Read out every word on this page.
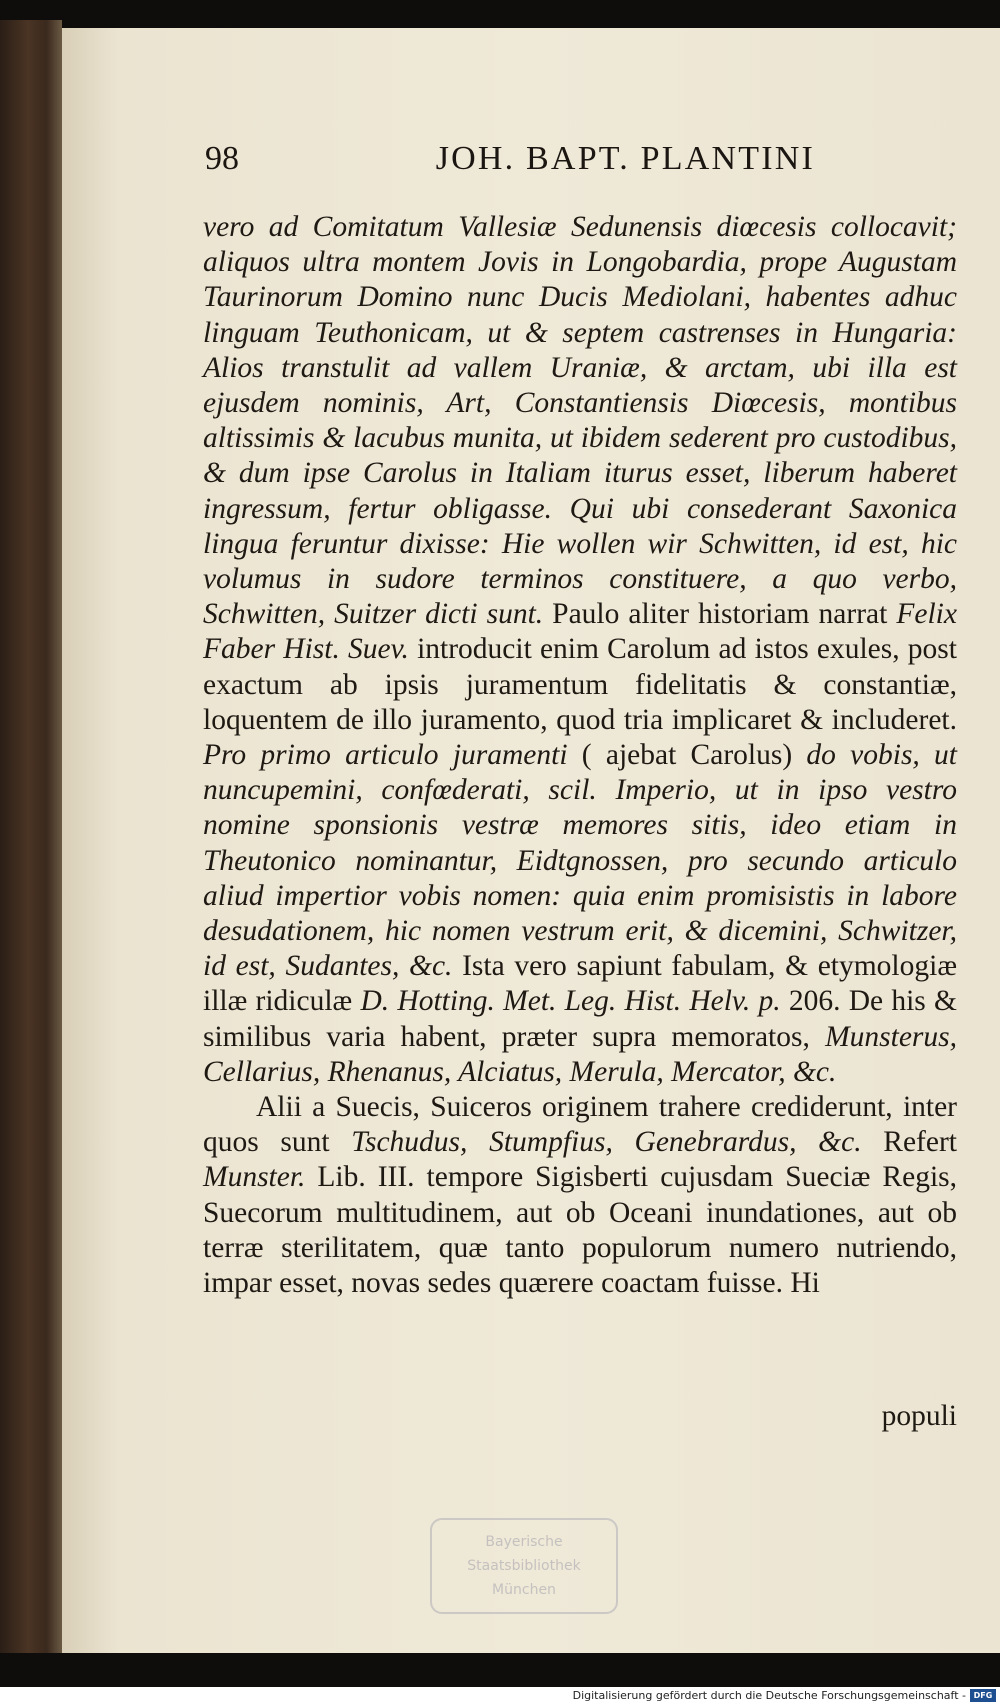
98	JOH. BAPT. PLANTINI

vero ad Comitatum Vallesiæ Sedunensis diœcesis collocavit; aliquos ultra montem Jovis in Longobardia, prope Augustam Taurinorum Domino nunc Ducis Mediolani, habentes adhuc linguam Teuthonicam, ut & septem castrenses in Hungaria: Alios transtulit ad vallem Uraniæ, & arctam, ubi illa est ejusdem nominis, Art, Constantiensis Diœcesis, montibus altissimis & lacubus munita, ut ibidem sederent pro custodibus, & dum ipse Carolus in Italiam iturus esset, liberum haberet ingressum, fertur obligasse. Qui ubi consederant Saxonica lingua feruntur dixisse: Hie wollen wir Schwitten, id est, hic volumus in sudore terminos constituere, a quo verbo, Schwitten, Suitzer dicti sunt. Paulo aliter historiam narrat Felix Faber Hist. Suev. introducit enim Carolum ad istos exules, post exactum ab ipsis juramentum fidelitatis & constantiæ, loquentem de illo juramento, quod tria implicaret & includeret. Pro primo articulo juramenti ( ajebat Carolus) do vobis, ut nuncupemini, confœderati, scil. Imperio, ut in ipso vestro nomine sponsionis vestræ memores sitis, ideo etiam in Theutonico nominantur, Eidtgnossen, pro secundo articulo aliud impertior vobis nomen: quia enim promisistis in labore desudationem, hic nomen vestrum erit, & dicemini, Schwitzer, id est, Sudantes, &c. Ista vero sapiunt fabulam, & etymologiæ illæ ridiculæ D. Hotting. Met. Leg. Hist. Helv. p. 206. De his & similibus varia habent, præter supra memoratos, Munsterus, Cellarius, Rhenanus, Alciatus, Merula, Mercator, &c.

Alii a Suecis, Suiceros originem trahere crediderunt, inter quos sunt Tschudus, Stumpfius, Genebrardus, &c. Refert Munster. Lib. III. tempore Sigisberti cujusdam Sueciæ Regis, Suecorum multitudinem, aut ob Oceani inundationes, aut ob terræ sterilitatem, quæ tanto populorum numero nutriendo, impar esset, novas sedes quærere coactam fuisse. Hi

populi
Bayerische
Staatsbibliothek
München
Digitalisierung gefördert durch die Deutsche Forschungsgemeinschaft - DFG
